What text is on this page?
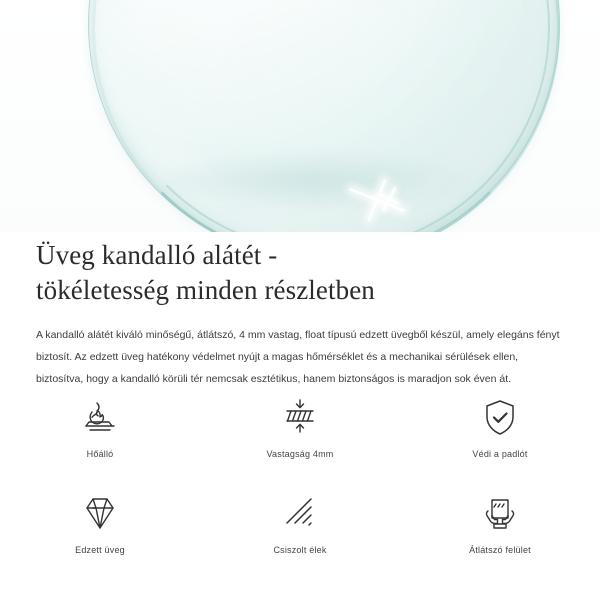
Üveg kandalló alátét -
tökéletesség minden részletben

A kandalló alátét kiváló minőségű, átlátszó, 4 mm vastag, float típusú edzett üvegből készül, amely elegáns fényt biztosít. Az edzett üveg hatékony védelmet nyújt a magas hőmérséklet és a mechanikai sérülések ellen, biztosítva, hogy a kandalló körüli tér nemcsak esztétikus, hanem biztonságos is maradjon sok éven át.

Hőálló	Vastagság 4mm	Védi a padlót
Edzett üveg	Csiszolt élek	Átlátszó felület
